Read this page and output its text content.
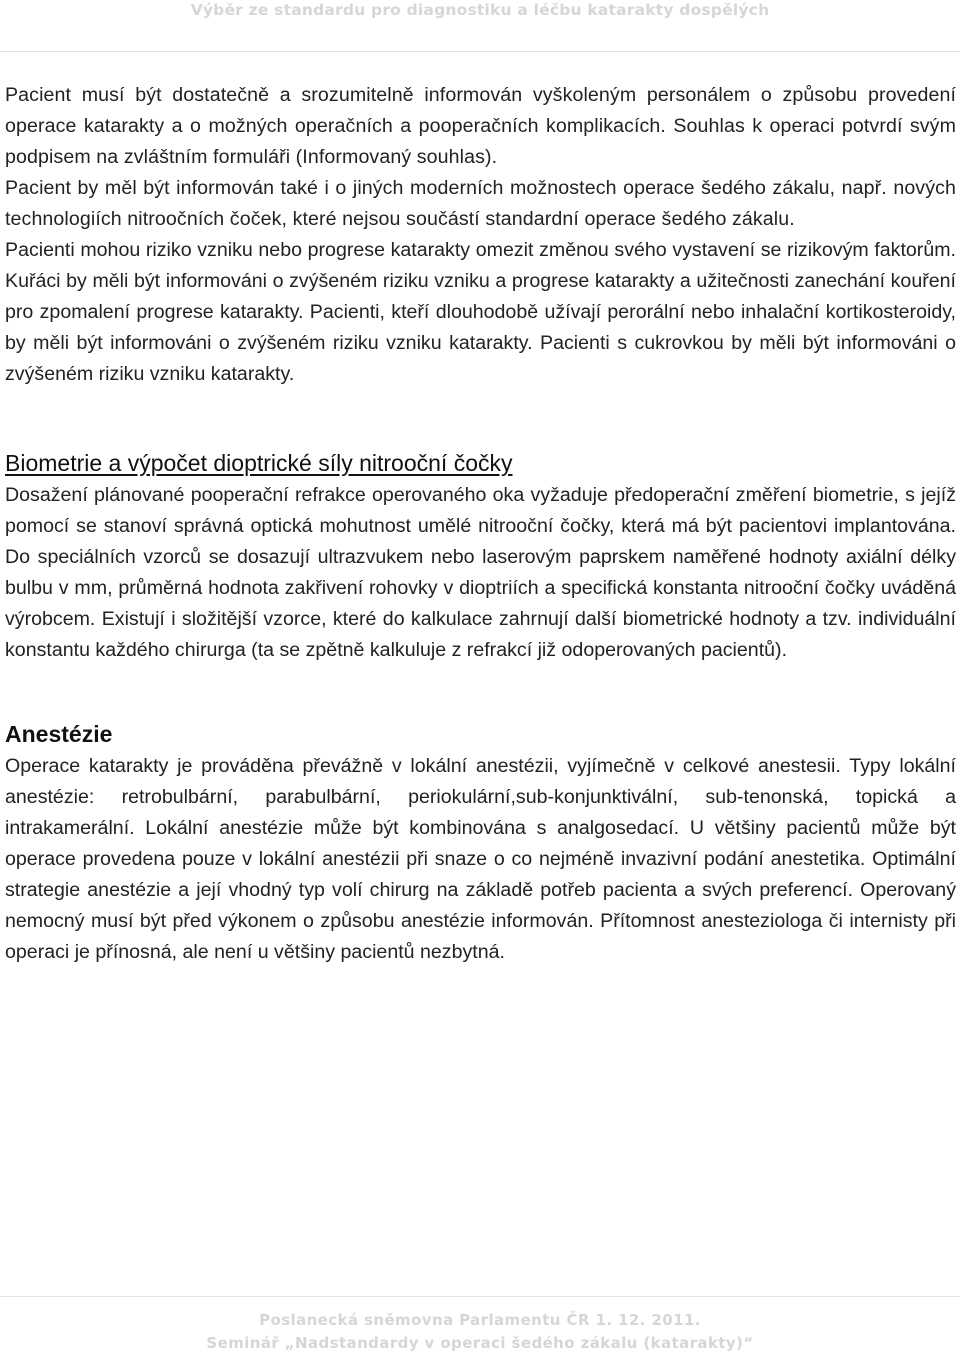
Výběr ze standardu pro diagnostiku a léčbu katarakty dospělých

Pacient musí být dostatečně a srozumitelně informován vyškoleným personálem o způsobu provedení operace katarakty a o možných operačních a pooperačních komplikacích. Souhlas k operaci potvrdí svým podpisem na zvláštním formuláři (Informovaný souhlas).

Pacient by měl být informován také i o jiných moderních možnostech operace šedého zákalu, např. nových technologiích nitroočních čoček, které nejsou součástí standardní operace šedého zákalu.

Pacienti mohou riziko vzniku nebo progrese katarakty omezit změnou svého vystavení se rizikovým faktorům. Kuřáci by měli být informováni o zvýšeném riziku vzniku a progrese katarakty a užitečnosti zanechání kouření pro zpomalení progrese katarakty. Pacienti, kteří dlouhodobě užívají perorální nebo inhalační kortikosteroidy, by měli být informováni o zvýšeném riziku vzniku katarakty. Pacienti s cukrovkou by měli být informováni o zvýšeném riziku vzniku katarakty.

Biometrie a výpočet dioptrické síly nitrooční čočky

Dosažení plánované pooperační refrakce operovaného oka vyžaduje předoperační změření biometrie, s jejíž pomocí se stanoví správná optická mohutnost umělé nitrooční čočky, která má být pacientovi implantována. Do speciálních vzorců se dosazují ultrazvukem nebo laserovým paprskem naměřené hodnoty axiální délky bulbu v mm, průměrná hodnota zakřivení rohovky v dioptriích a specifická konstanta nitrooční čočky uváděná výrobcem. Existují i složitější vzorce, které do kalkulace zahrnují další biometrické hodnoty a tzv. individuální konstantu každého chirurga (ta se zpětně kalkuluje z refrakcí již odoperovaných pacientů).

Anestézie

Operace katarakty je prováděna převážně v lokální anestézii, vyjímečně v celkové anestesii. Typy lokální anestézie: retrobulbární, parabulbární, periokulární,sub-konjunktivální, sub-tenonská, topická a intrakamerální. Lokální anestézie může být kombinována s analgosedací. U většiny pacientů může být operace provedena pouze v lokální anestézii při snaze o co nejméně invazivní podání anestetika. Optimální strategie anestézie a její vhodný typ volí chirurg na základě potřeb pacienta a svých preferencí. Operovaný nemocný musí být před výkonem o způsobu anestézie informován. Přítomnost anesteziologa či internisty při operaci je přínosná, ale není u většiny pacientů nezbytná.

Poslanecká sněmovna Parlamentu ČR 1. 12. 2011.
Seminář „Nadstandardy v operaci šedého zákalu (katarakty)“
